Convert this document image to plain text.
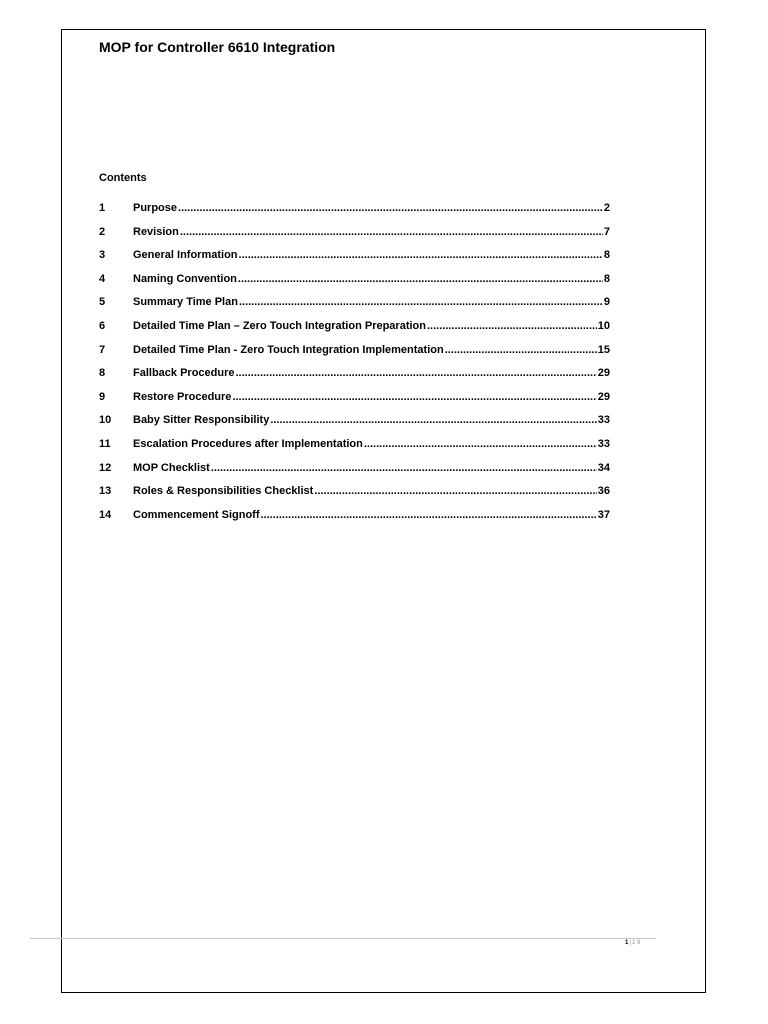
MOP for Controller 6610 Integration
Contents
1	Purpose .....	2
2	Revision .....	7
3	General Information .....	8
4	Naming Convention .....	8
5	Summary Time Plan .....	9
6	Detailed Time Plan – Zero Touch Integration Preparation .....	10
7	Detailed Time Plan - Zero Touch Integration Implementation .....	15
8	Fallback Procedure .....	29
9	Restore Procedure .....	29
10	Baby Sitter Responsibility .....	33
11	Escalation Procedures after Implementation .....	33
12	MOP Checklist .....	34
13	Roles & Responsibilities Checklist .....	36
14	Commencement Signoff .....	37
1|1 9
